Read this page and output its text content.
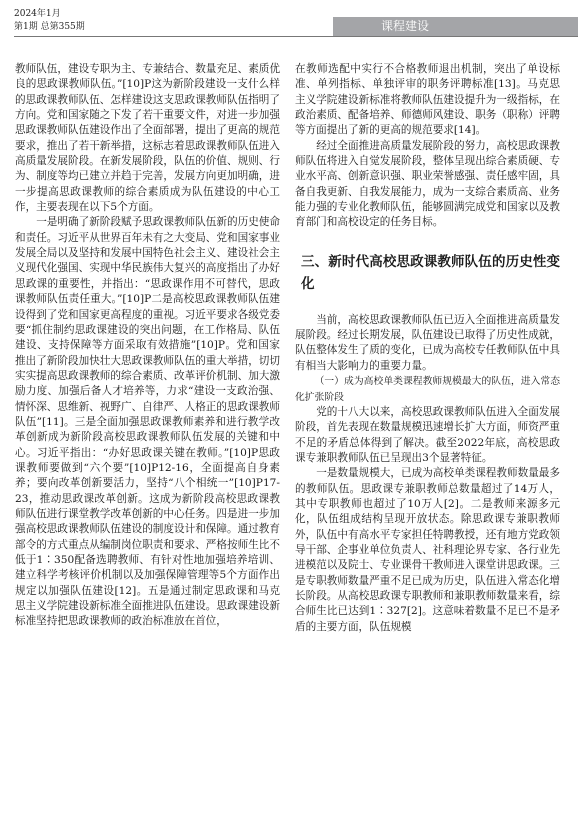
2024年1月
第1期 总第355期	课程建设

教师队伍，建设专职为主、专兼结合、数量充足、素质优良的思政课教师队伍。”[10]P这为新阶段建设一支什么样的思政课教师队伍、怎样建设这支思政课教师队伍指明了方向。党和国家随之下发了若干重要文件，对进一步加强思政课教师队伍建设作出了全面部署，提出了更高的规范要求，推出了若干新举措，这标志着思政课教师队伍进入高质量发展阶段。在新发展阶段，队伍的价值、规则、行为、制度等均已建立并趋于完善，发展方向更加明确，进一步提高思政课教师的综合素质成为队伍建设的中心工作，主要表现在以下5个方面。

一是明确了新阶段赋予思政课教师队伍新的历史使命和责任。习近平从世界百年未有之大变局、党和国家事业发展全局以及坚持和发展中国特色社会主义、建设社会主义现代化强国、实现中华民族伟大复兴的高度指出了办好思政课的重要性，并指出：“思政课作用不可替代，思政课教师队伍责任重大。”[10]P二是高校思政课教师队伍建设得到了党和国家更高程度的重视。习近平要求各级党委要“抓住制约思政课建设的突出问题，在工作格局、队伍建设、支持保障等方面采取有效措施”[10]P。党和国家推出了新阶段加快壮大思政课教师队伍的重大举措，切切实实提高思政课教师的综合素质、改革评价机制、加大激励力度、加强后备人才培养等，力求“建设一支政治强、情怀深、思维新、视野广、自律严、人格正的思政课教师队伍”[11]。三是全面加强思政课教师素养和进行教学改革创新成为新阶段高校思政课教师队伍发展的关键和中心。习近平指出：“办好思政课关键在教师。”[10]P思政课教师要做到“六个要”[10]P12-16，全面提高自身素养；要向改革创新要活力，坚持“八个相统一”[10]P17-23，推动思政课改革创新。这成为新阶段高校思政课教师队伍进行课堂教学改革创新的中心任务。四是进一步加强高校思政课教师队伍建设的制度设计和保障。通过教育部令的方式重点从编制岗位职责和要求、严格按师生比不低于1∶350配备选聘教师、有针对性地加强培养培训、建立科学考核评价机制以及加强保障管理等5个方面作出规定以加强队伍建设[12]。五是通过制定思政课和马克思主义学院建设新标准全面推进队伍建设。思政课建设新标准坚持把思政课教师的政治标准放在首位，

在教师选配中实行不合格教师退出机制，突出了单设标准、单列指标、单独评审的职务评聘标准[13]。马克思主义学院建设新标准将教师队伍建设提升为一级指标，在政治素质、配备培养、师德师风建设、职务（职称）评聘等方面提出了新的更高的规范要求[14]。

经过全面推进高质量发展阶段的努力，高校思政课教师队伍将进入自觉发展阶段，整体呈现出综合素质硬、专业水平高、创新意识强、职业荣誉感强、责任感牢固，具备自我更新、自我发展能力，成为一支综合素质高、业务能力强的专业化教师队伍，能够圆满完成党和国家以及教育部门和高校设定的任务目标。

三、新时代高校思政课教师队伍的历史性变化

当前，高校思政课教师队伍已迈入全面推进高质量发展阶段。经过长期发展，队伍建设已取得了历史性成就，队伍整体发生了质的变化，已成为高校专任教师队伍中具有相当大影响力的重要力量。

（一）成为高校单类课程教师规模最大的队伍，进入常态化扩张阶段

党的十八大以来，高校思政课教师队伍进入全面发展阶段，首先表现在数量规模迅速增长扩大方面，师资严重不足的矛盾总体得到了解决。截至2022年底，高校思政课专兼职教师队伍已呈现出3个显著特征。

一是数量规模大，已成为高校单类课程教师数量最多的教师队伍。思政课专兼职教师总数量超过了14万人，其中专职教师也超过了10万人[2]。二是教师来源多元化，队伍组成结构呈现开放状态。除思政课专兼职教师外，队伍中有高水平专家担任特聘教授，还有地方党政领导干部、企事业单位负责人、社科理论界专家、各行业先进模范以及院士、专业课骨干教师进入课堂讲思政课。三是专职教师数量严重不足已成为历史，队伍进入常态化增长阶段。从高校思政课专职教师和兼职教师数量来看，综合师生比已达到1∶327[2]。这意味着数量不足已不是矛盾的主要方面，队伍规模
